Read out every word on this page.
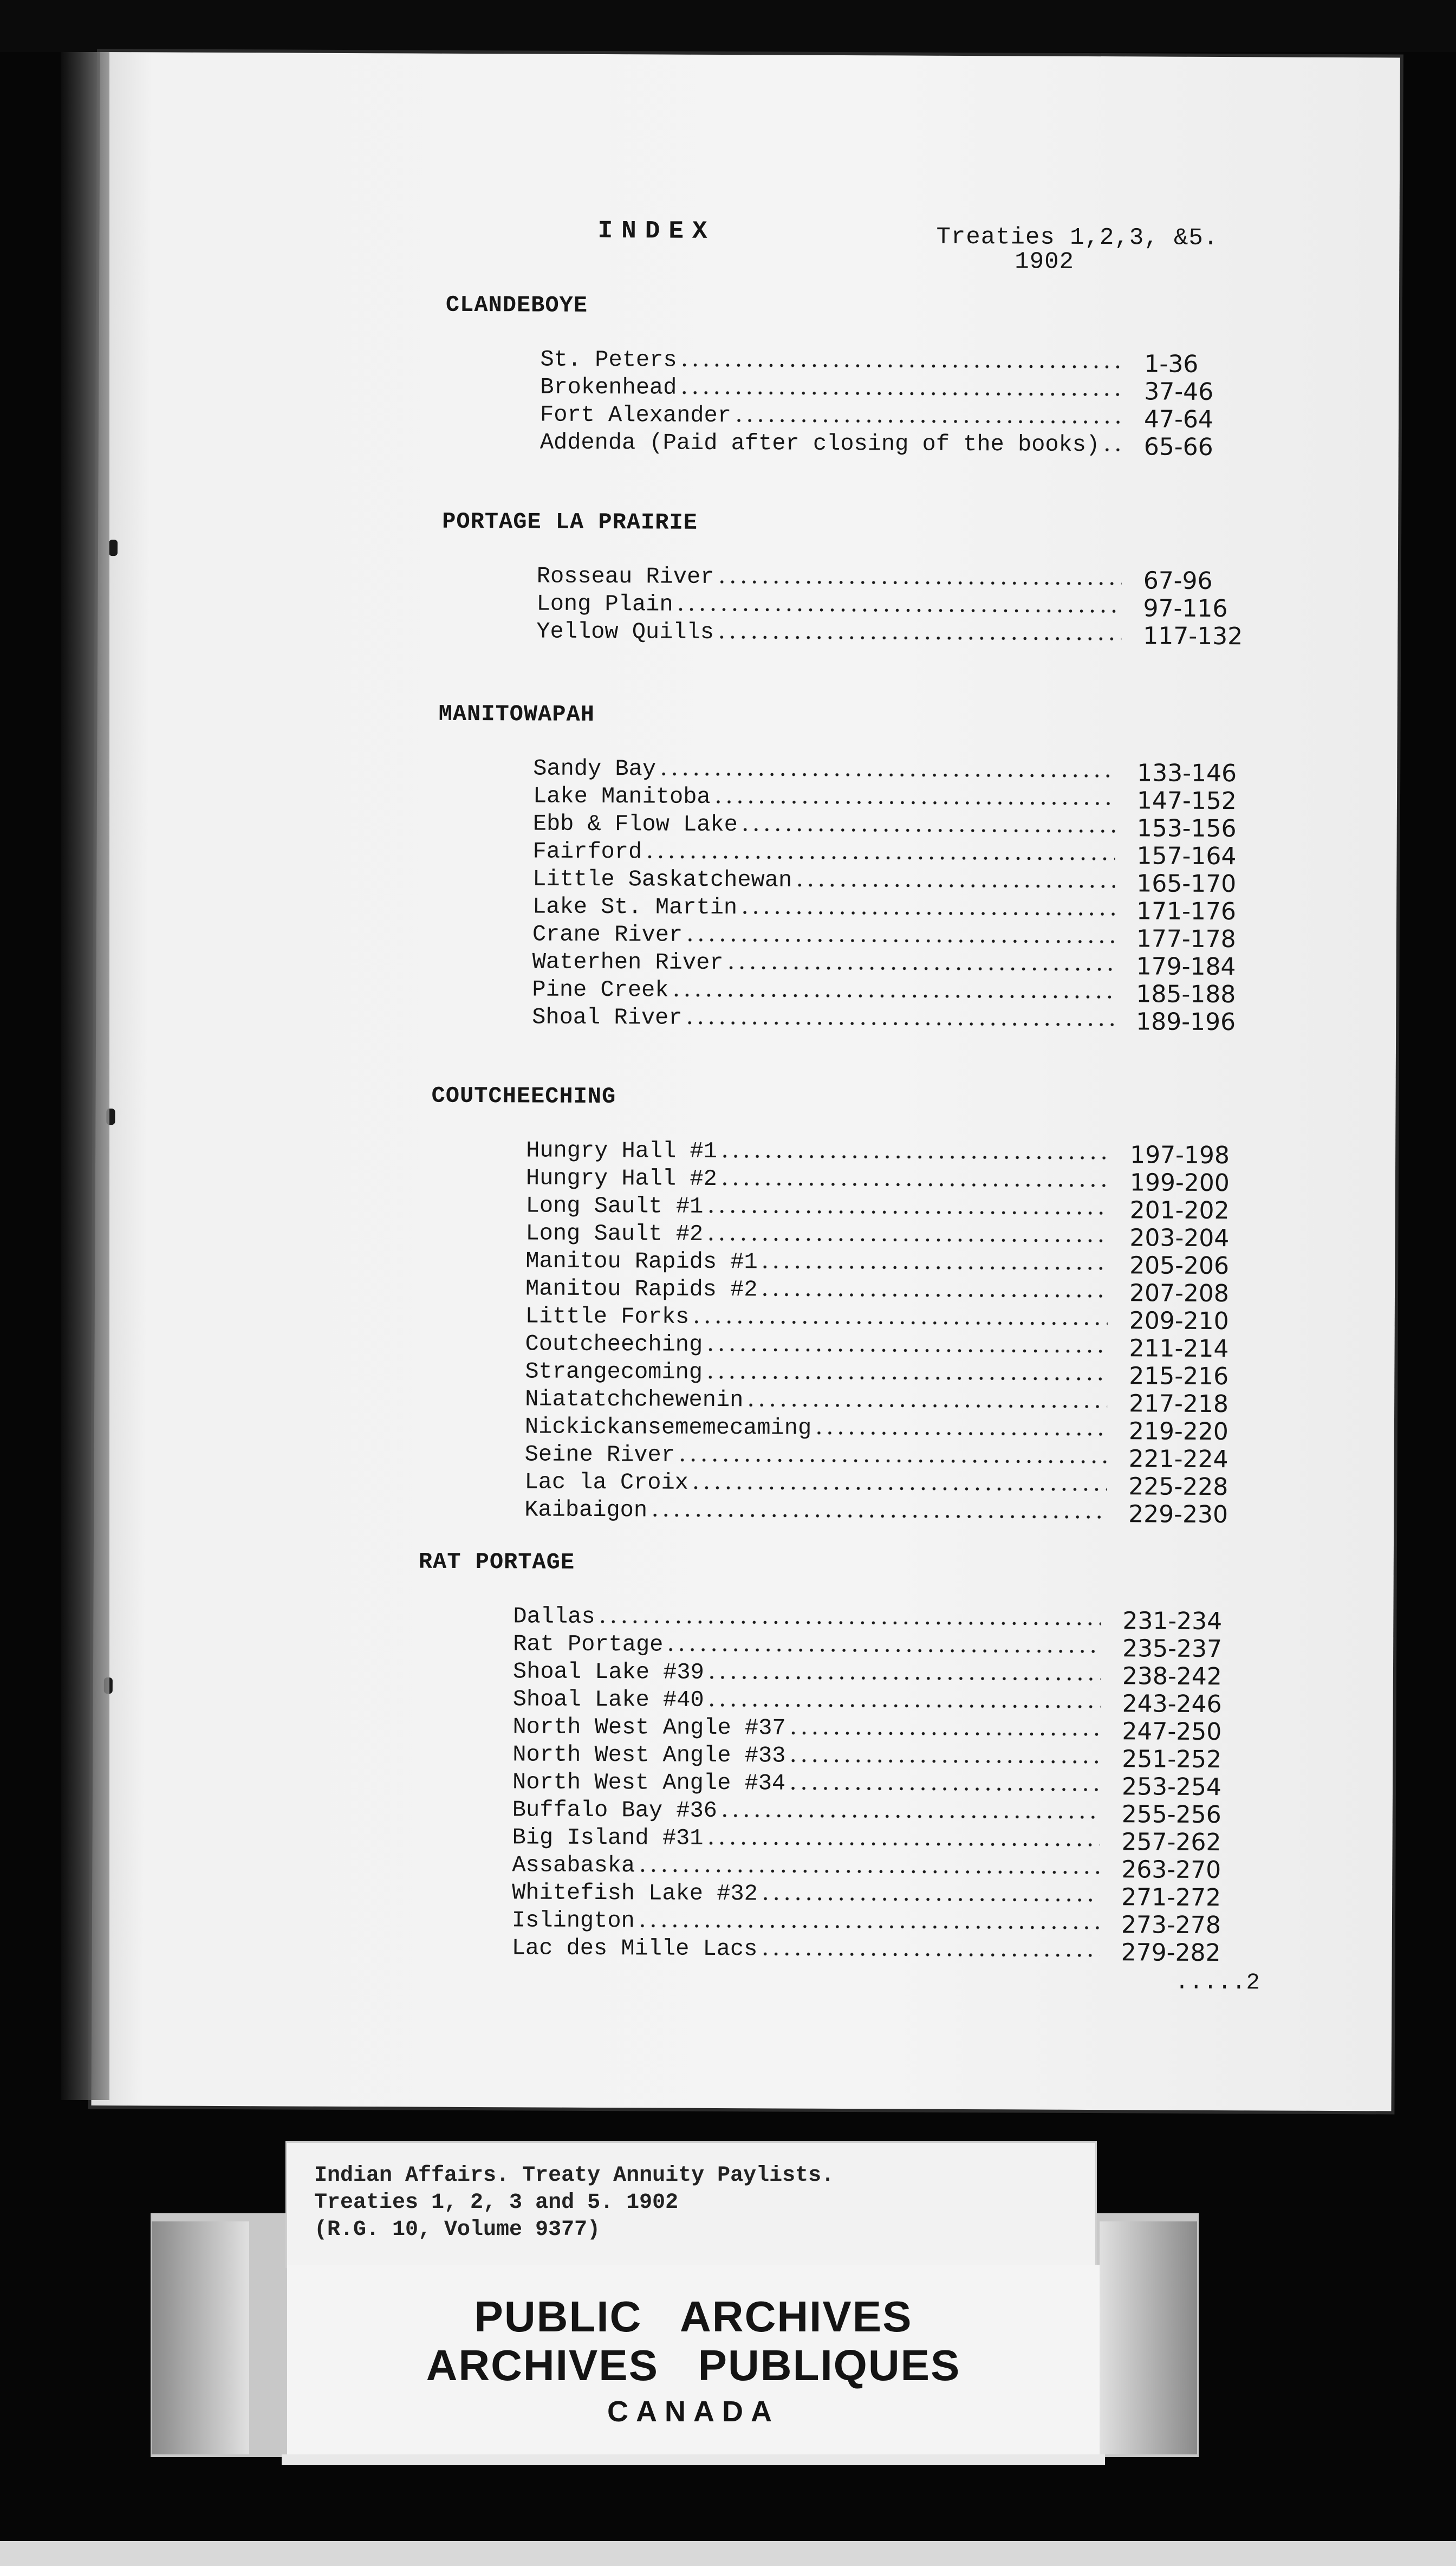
INDEX	Treaties 1,2,3, &5.
1902
CLANDEBOYE
St. Peters	1-36
Brokenhead	37-46
Fort Alexander	47-64
Addenda (Paid after closing of the books) 65-66
PORTAGE LA PRAIRIE
Rosseau River	67-96
Long Plain	97-116
Yellow Quills	117-132
MANITOWAPAH
Sandy Bay	133-146
Lake Manitoba	147-152
Ebb & Flow Lake	153-156
Fairford	157-164
Little Saskatchewan	165-170
Lake St. Martin	171-176
Crane River	177-178
Waterhen River	179-184
Pine Creek	185-188
Shoal River	189-196
COUTCHEECHING
Hungry Hall #1	197-198
Hungry Hall #2	199-200
Long Sault #1	201-202
Long Sault #2	203-204
Manitou Rapids #1	205-206
Manitou Rapids #2	207-208
Little Forks	209-210
Coutcheeching	211-214
Strangecoming	215-216
Niatatchchewenin	217-218
Nickickansememecaming	219-220
Seine River	221-224
Lac la Croix	225-228
Kaibaigon	229-230
RAT PORTAGE
Dallas	231-234
Rat Portage	235-237
Shoal Lake #39	238-242
Shoal Lake #40	243-246
North West Angle #37	247-250
North West Angle #33	251-252
North West Angle #34	253-254
Buffalo Bay #36	255-256
Big Island #31	257-262
Assabaska	263-270
Whitefish Lake #32	271-272
Islington	273-278
Lac des Mille Lacs	279-282
.....2
Indian Affairs. Treaty Annuity Paylists.
Treaties 1, 2, 3 and 5. 1902
(R.G. 10, Volume 9377)
PUBLIC   ARCHIVES
ARCHIVES   PUBLIQUES
CANADA
